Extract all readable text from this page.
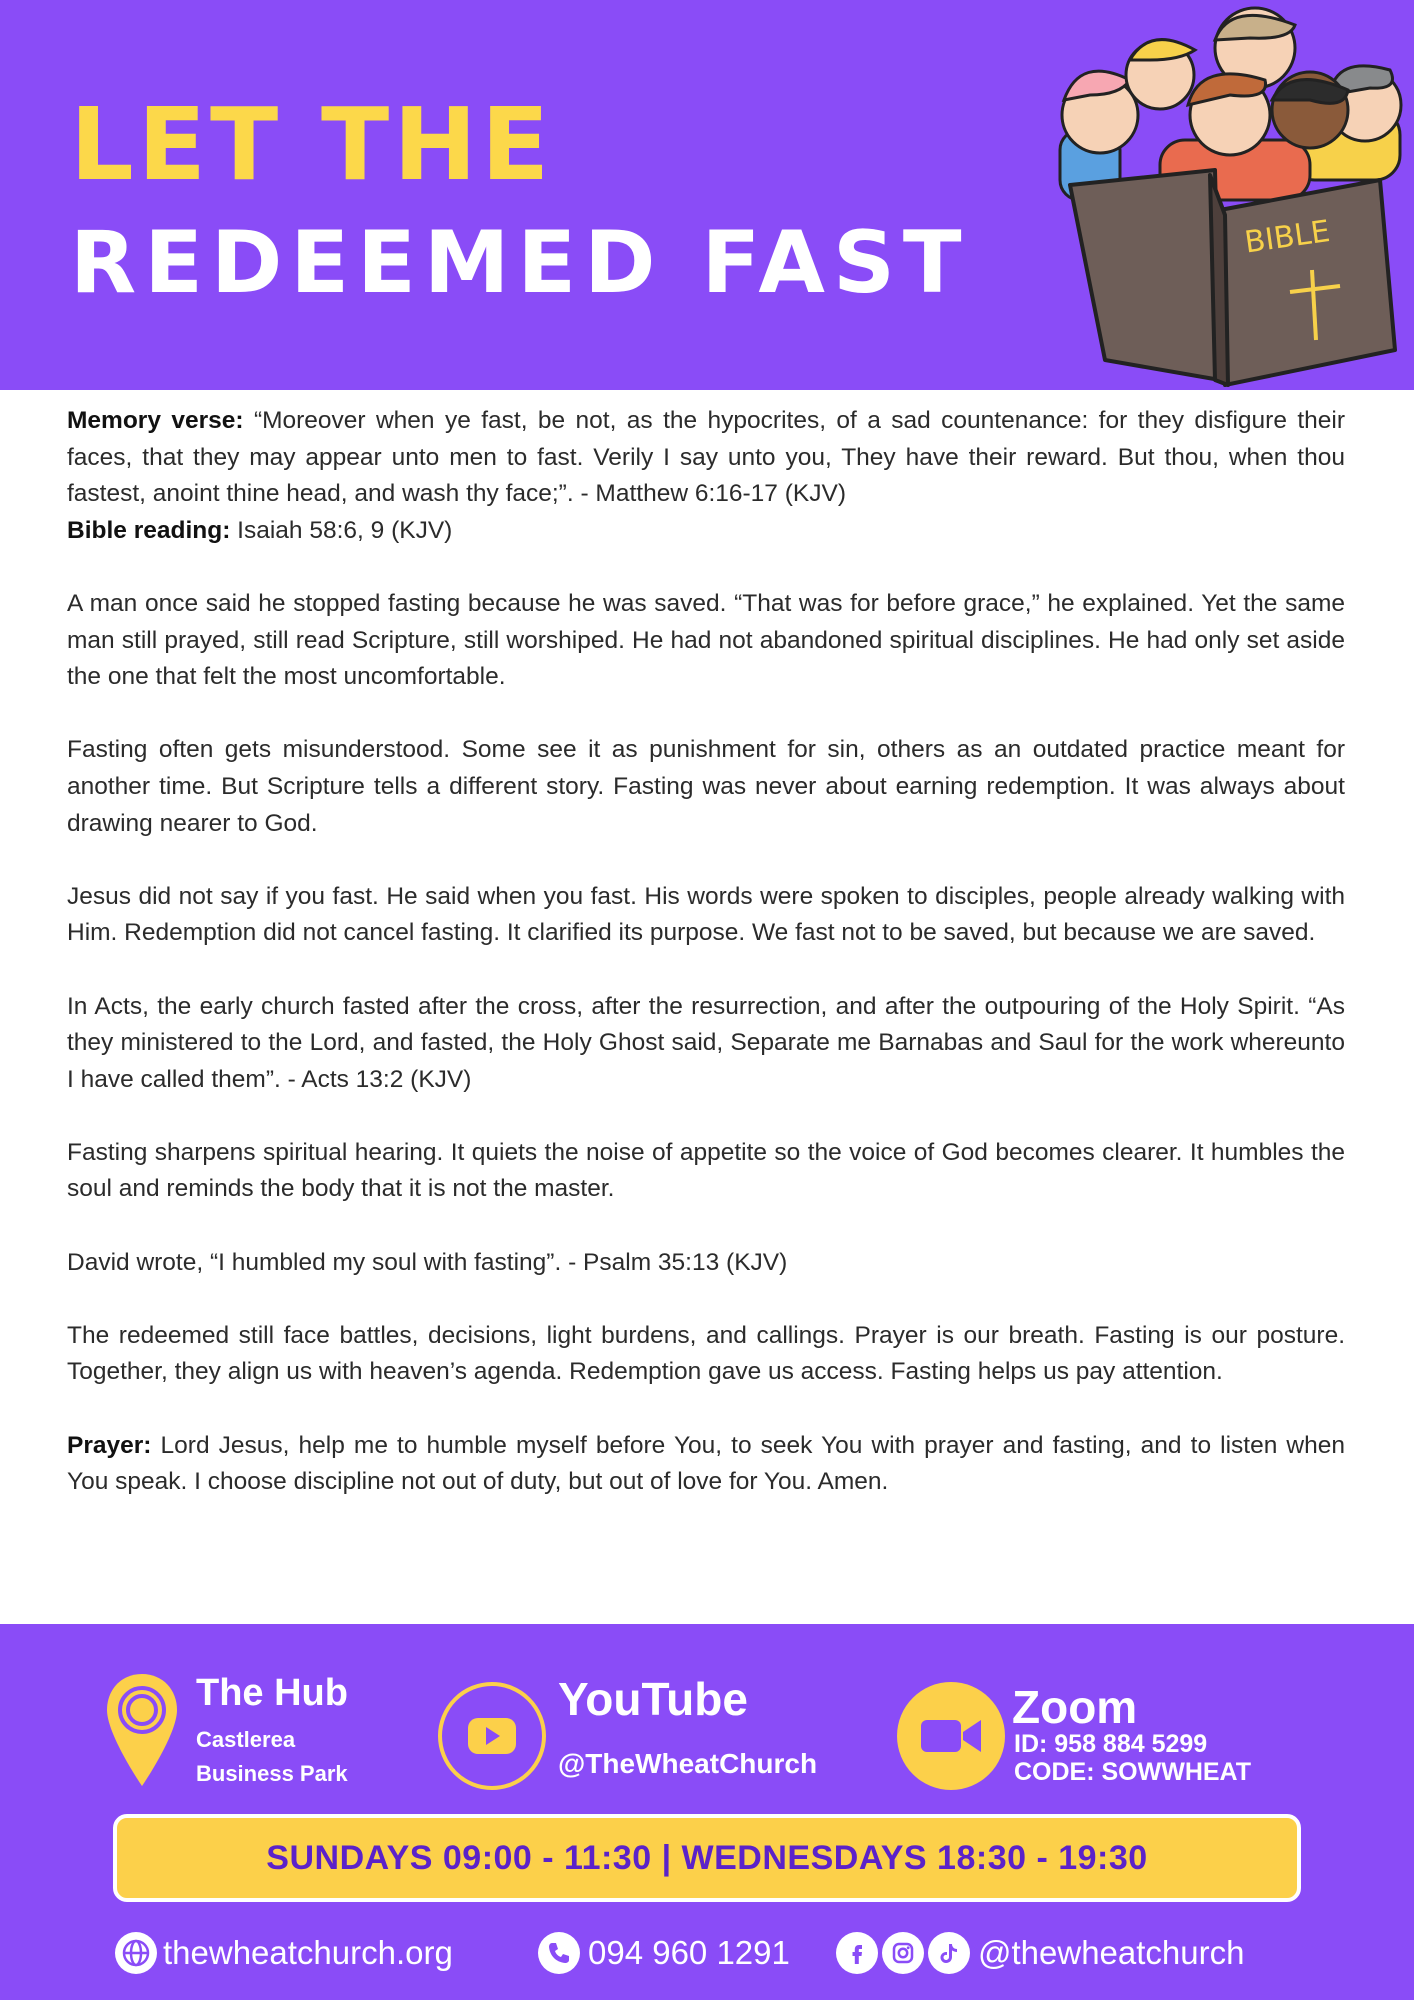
LET THE
REDEEMED FAST	BIBLE

Memory verse: “Moreover when ye fast, be not, as the hypocrites, of a sad countenance: for they disfigure their faces, that they may appear unto men to fast. Verily I say unto you, They have their reward. But thou, when thou fastest, anoint thine head, and wash thy face;”. - Matthew 6:16-17 (KJV)

Bible reading: Isaiah 58:6, 9 (KJV)

A man once said he stopped fasting because he was saved. “That was for before grace,” he explained. Yet the same man still prayed, still read Scripture, still worshiped. He had not abandoned spiritual disciplines. He had only set aside the one that felt the most uncomfortable.

Fasting often gets misunderstood. Some see it as punishment for sin, others as an outdated practice meant for another time. But Scripture tells a different story. Fasting was never about earning redemption. It was always about drawing nearer to God.

Jesus did not say if you fast. He said when you fast. His words were spoken to disciples, people already walking with Him. Redemption did not cancel fasting. It clarified its purpose. We fast not to be saved, but because we are saved.

In Acts, the early church fasted after the cross, after the resurrection, and after the outpouring of the Holy Spirit. “As they ministered to the Lord, and fasted, the Holy Ghost said, Separate me Barnabas and Saul for the work whereunto I have called them”. - Acts 13:2 (KJV)

Fasting sharpens spiritual hearing. It quiets the noise of appetite so the voice of God becomes clearer. It humbles the soul and reminds the body that it is not the master.

David wrote, “I humbled my soul with fasting”. - Psalm 35:13 (KJV)

The redeemed still face battles, decisions, light burdens, and callings. Prayer is our breath. Fasting is our posture. Together, they align us with heaven’s agenda. Redemption gave us access. Fasting helps us pay attention.

Prayer: Lord Jesus, help me to humble myself before You, to seek You with prayer and fasting, and to listen when You speak. I choose discipline not out of duty, but out of love for You. Amen.

The Hub
Castlerea
Business Park
YouTube
@TheWheatChurch
Zoom
ID: 958 884 5299
CODE: SOWWHEAT
SUNDAYS 09:00 - 11:30 | WEDNESDAYS 18:30 - 19:30
thewheatchurch.org	094 960 1291	@thewheatchurch
